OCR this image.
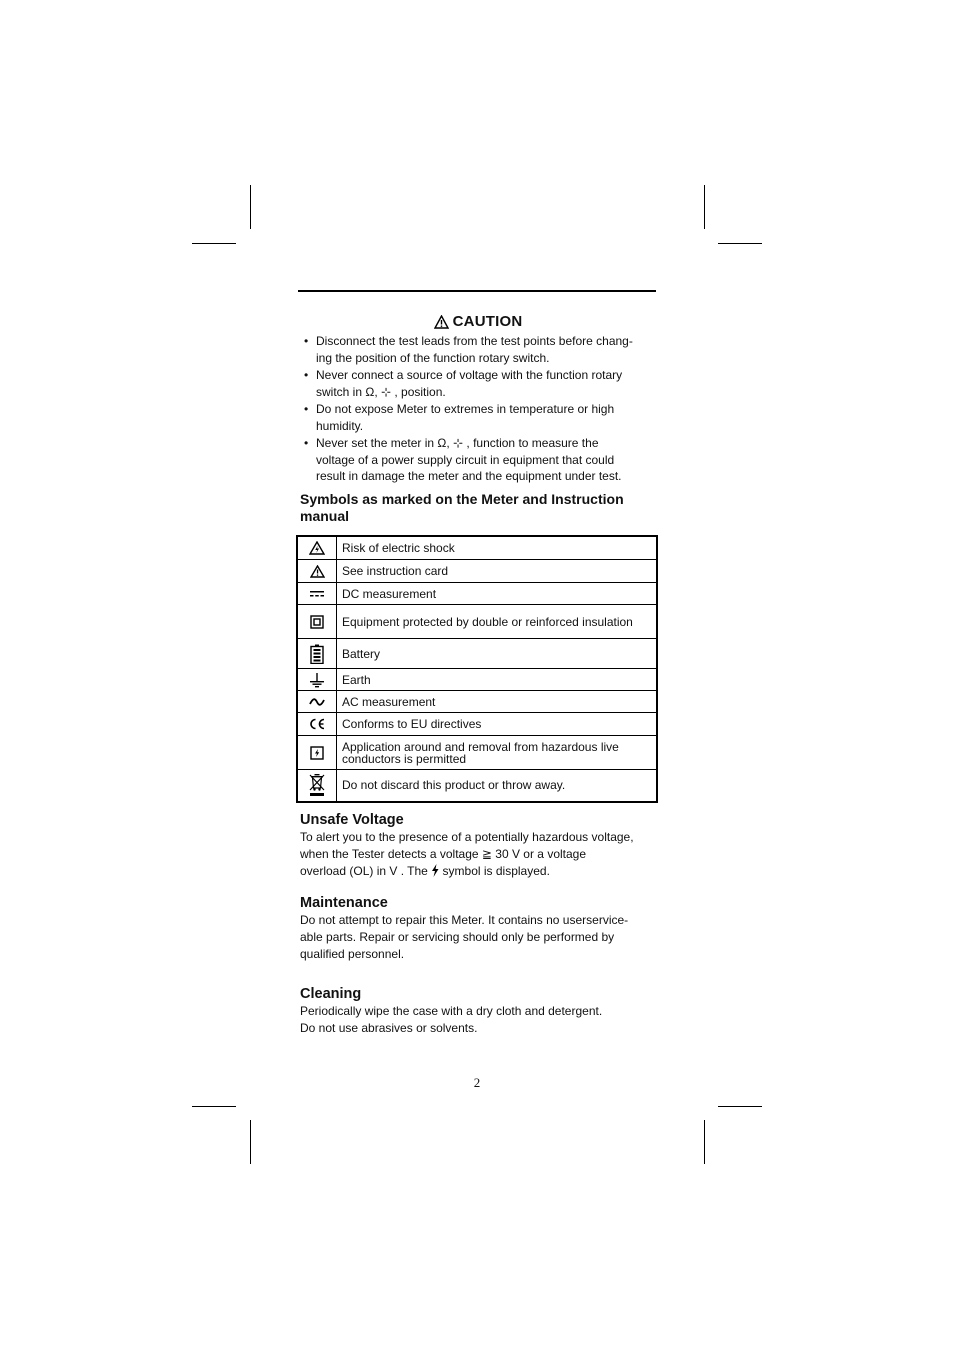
CAUTION
• Disconnect the test leads from the test points before chang-
ing the position of the function rotary switch.
• Never connect a source of voltage with the function rotary
switch in Ω, ⊹ , position.
• Do not expose Meter to extremes in temperature or high
humidity.
• Never set the meter in Ω, ⊹ , function to measure the
voltage of a power supply circuit in equipment that could
result in damage the meter and the equipment under test.
Symbols as marked on the Meter and Instruction manual
	Risk of electric shock

	See instruction card

	DC measurement

	Equipment protected by double or reinforced insulation

	Battery

	Earth

	AC measurement

	Conforms to EU directives

	Application around and removal from hazardous live conductors is permitted

	Do not discard this product or throw away.
Unsafe Voltage
To alert you to the presence of a potentially hazardous voltage,
when the Tester detects a voltage ≧ 30 V or a voltage
overload (OL) in V . The symbol is displayed.
Maintenance
Do not attempt to repair this Meter. It contains no userservice-
able parts. Repair or servicing should only be performed by
qualified personnel.
Cleaning
Periodically wipe the case with a dry cloth and detergent.
Do not use abrasives or solvents.
2
